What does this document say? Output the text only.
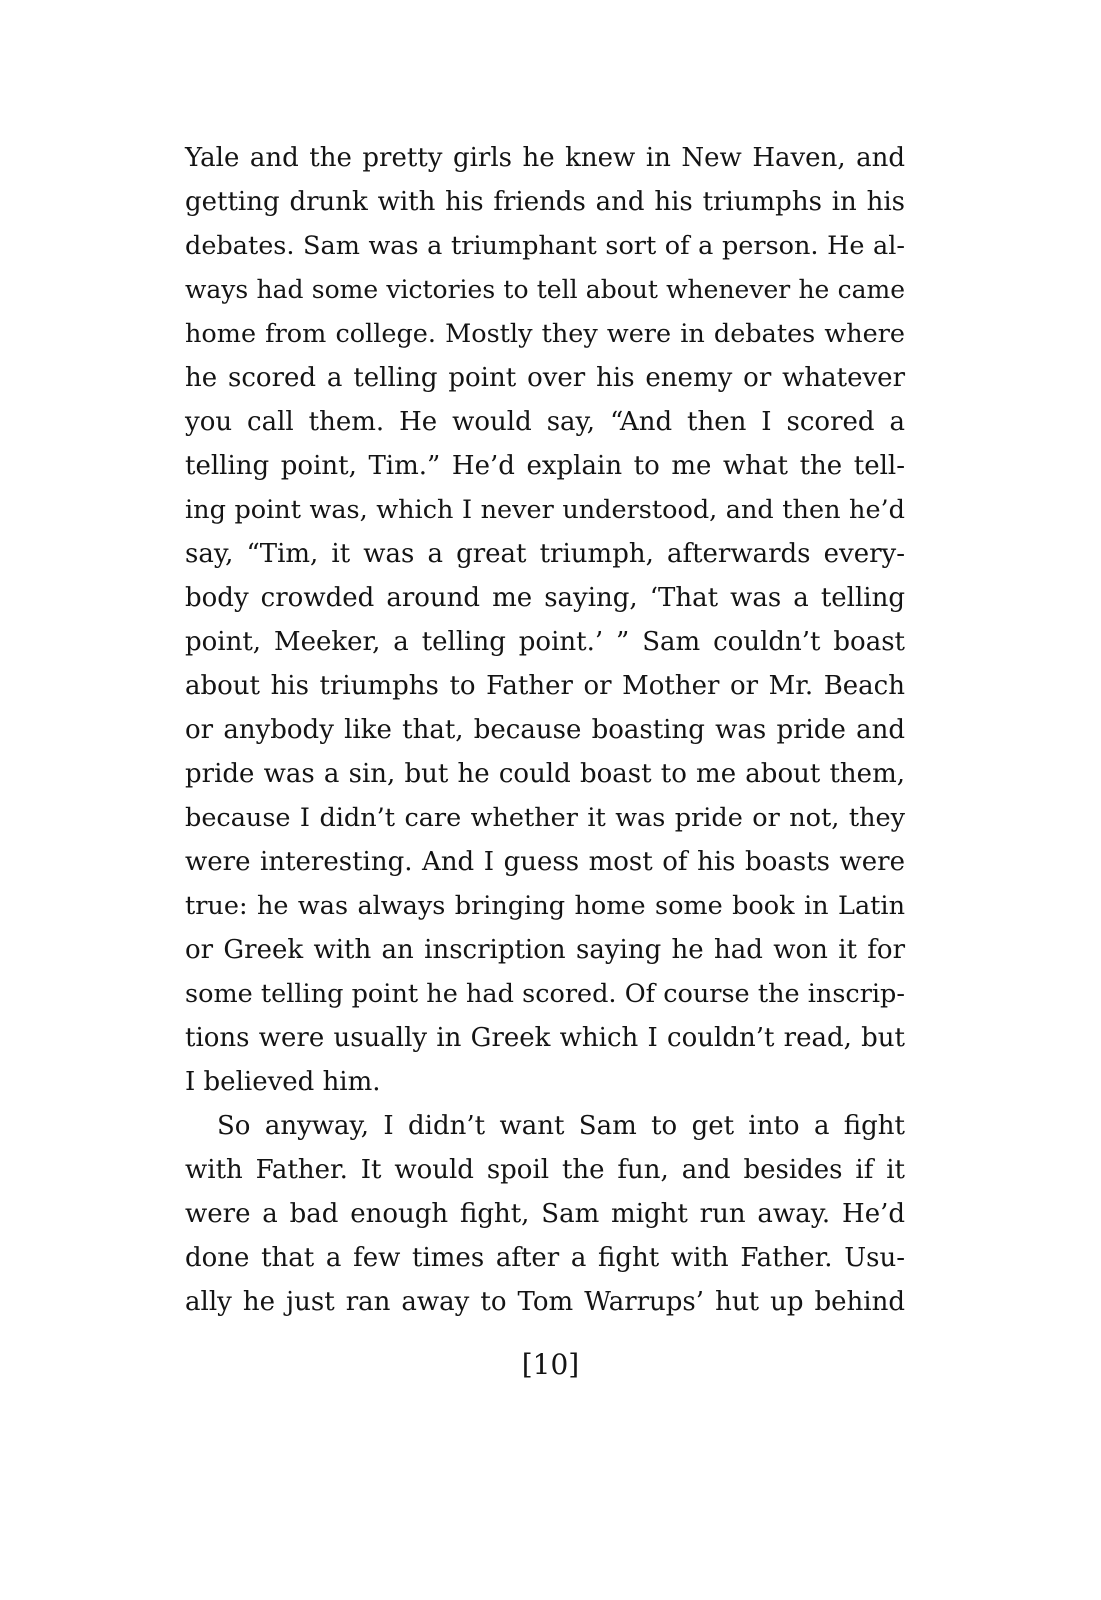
Yale and the pretty girls he knew in New Haven, and
getting drunk with his friends and his triumphs in his
debates. Sam was a triumphant sort of a person. He al-
ways had some victories to tell about whenever he came
home from college. Mostly they were in debates where
he scored a telling point over his enemy or whatever
you call them. He would say, “And then I scored a
telling point, Tim.” He’d explain to me what the tell-
ing point was, which I never understood, and then he’d
say, “Tim, it was a great triumph, afterwards every-
body crowded around me saying, ‘That was a telling
point, Meeker, a telling point.’ ” Sam couldn’t boast
about his triumphs to Father or Mother or Mr. Beach
or anybody like that, because boasting was pride and
pride was a sin, but he could boast to me about them,
because I didn’t care whether it was pride or not, they
were interesting. And I guess most of his boasts were
true: he was always bringing home some book in Latin
or Greek with an inscription saying he had won it for
some telling point he had scored. Of course the inscrip-
tions were usually in Greek which I couldn’t read, but
I believed him.

So anyway, I didn’t want Sam to get into a fight
with Father. It would spoil the fun, and besides if it
were a bad enough fight, Sam might run away. He’d
done that a few times after a fight with Father. Usu-
ally he just ran away to Tom Warrups’ hut up behind

[10]
